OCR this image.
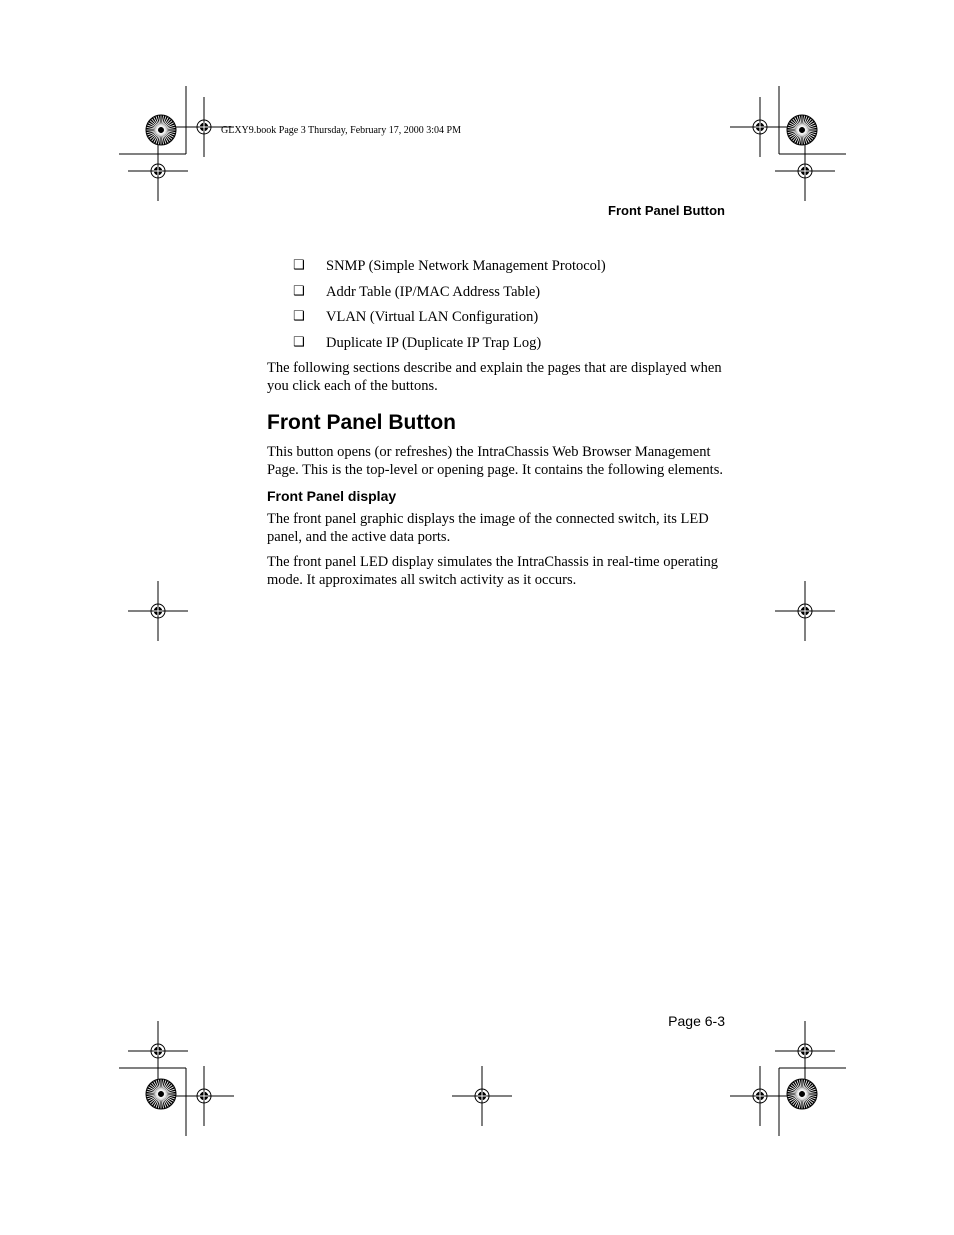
GLXY9.book Page 3 Thursday, February 17, 2000 3:04 PM
Front Panel Button
❑	SNMP (Simple Network Management Protocol)
❑	Addr Table (IP/MAC Address Table)
❑	VLAN (Virtual LAN Configuration)
❑	Duplicate IP (Duplicate IP Trap Log)

The following sections describe and explain the pages that are displayed when you click each of the buttons.

Front Panel Button

This button opens (or refreshes) the IntraChassis Web Browser Management Page. This is the top-level or opening page. It contains the following elements.

Front Panel display

The front panel graphic displays the image of the connected switch, its LED panel, and the active data ports.

The front panel LED display simulates the IntraChassis in real-time operating mode. It approximates all switch activity as it occurs.

Page 6-3
